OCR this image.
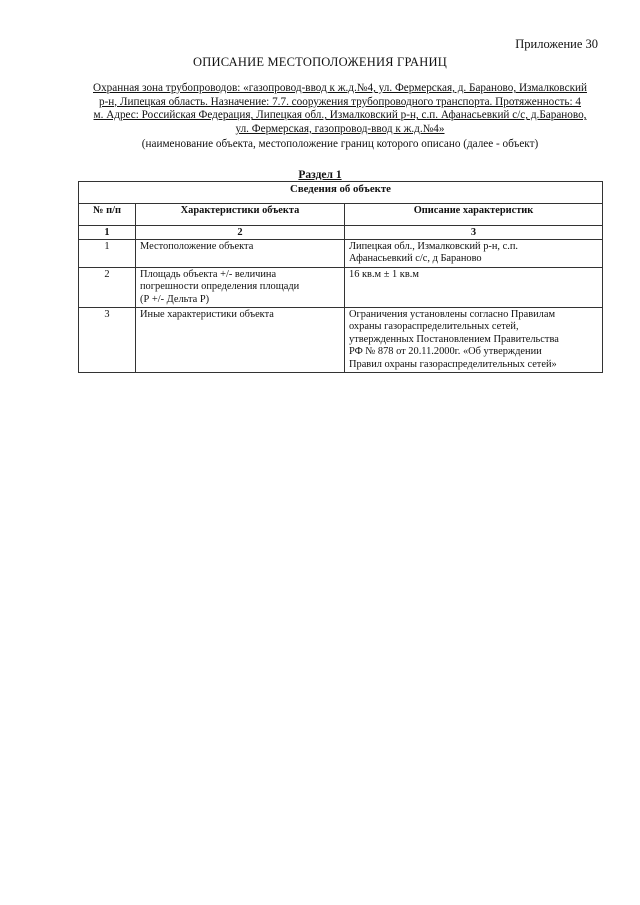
Приложение 30
ОПИСАНИЕ МЕСТОПОЛОЖЕНИЯ ГРАНИЦ
Охранная зона трубопроводов: «газопровод-ввод к ж.д.№4, ул. Фермерская, д. Бараново, Измалковский
р-н, Липецкая область. Назначение: 7.7. сооружения трубопроводного транспорта. Протяженность: 4
м. Адрес: Российская Федерация, Липецкая обл., Измалковский р-н, с.п. Афанасьевкий с/с, д.Бараново,
ул. Фермерская, газопровод-ввод к ж.д.№4»
(наименование объекта, местоположение границ которого описано (далее - объект)
Раздел 1
Сведения об объекте		
№ п/п	Характеристики объекта	Описание характеристик
1	2	3
1	Местоположение объекта	Липецкая обл., Измалковский р-н, с.п.
Афанасьевкий с/с, д Бараново

2	Площадь объекта +/- величина
погрешности определения площади
(Р +/- Дельта Р)	16 кв.м ± 1 кв.м

3	Иные характеристики объекта	Ограничения установлены согласно Правилам
охраны газораспределительных сетей,
утвержденных Постановлением Правительства
РФ № 878 от 20.11.2000г. «Об утверждении
Правил охраны газораспределительных сетей»
